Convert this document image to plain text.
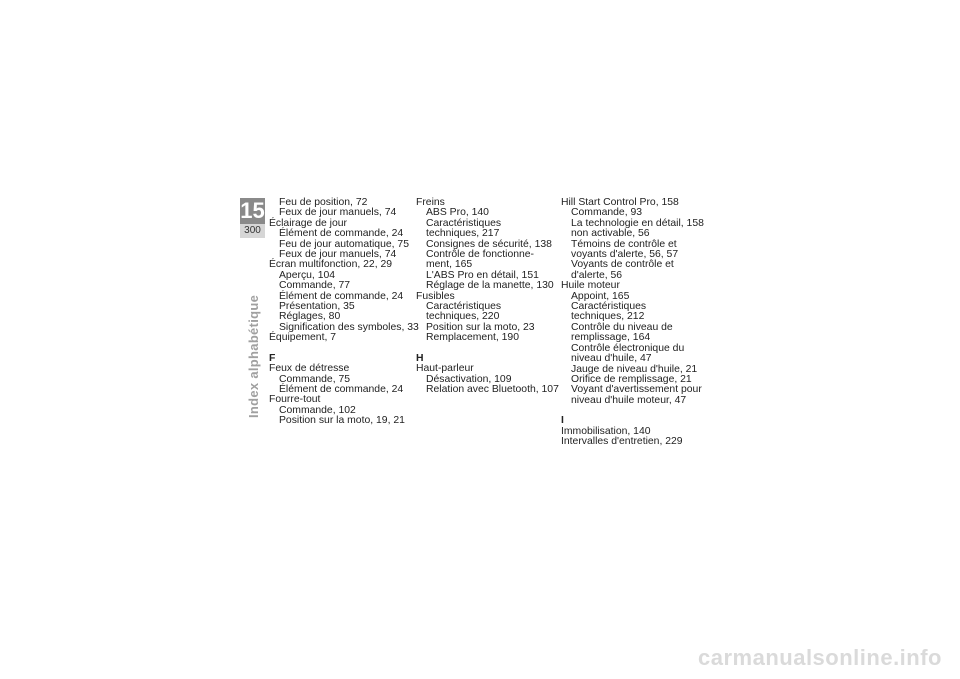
15
300
Index alphabétique
Feu de position, 72
Feux de jour manuels, 74
Éclairage de jour
Élément de commande, 24
Feu de jour automatique, 75
Feux de jour manuels, 74
Écran multifonction, 22, 29
Aperçu, 104
Commande, 77
Élément de commande, 24
Présentation, 35
Réglages, 80
Signification des symboles, 33
Équipement, 7
F
Feux de détresse
Commande, 75
Élément de commande, 24
Fourre-tout
Commande, 102
Position sur la moto, 19, 21
Freins
ABS Pro, 140
Caractéristiques
techniques, 217
Consignes de sécurité, 138
Contrôle de fonctionne-
ment, 165
L'ABS Pro en détail, 151
Réglage de la manette, 130
Fusibles
Caractéristiques
techniques, 220
Position sur la moto, 23
Remplacement, 190
H
Haut-parleur
Désactivation, 109
Relation avec Bluetooth, 107
Hill Start Control Pro, 158
Commande, 93
La technologie en détail, 158
non activable, 56
Témoins de contrôle et
voyants d'alerte, 56, 57
Voyants de contrôle et
d'alerte, 56
Huile moteur
Appoint, 165
Caractéristiques
techniques, 212
Contrôle du niveau de
remplissage, 164
Contrôle électronique du
niveau d'huile, 47
Jauge de niveau d'huile, 21
Orifice de remplissage, 21
Voyant d'avertissement pour
niveau d'huile moteur, 47
I
Immobilisation, 140
Intervalles d'entretien, 229
carmanualsonline.info
